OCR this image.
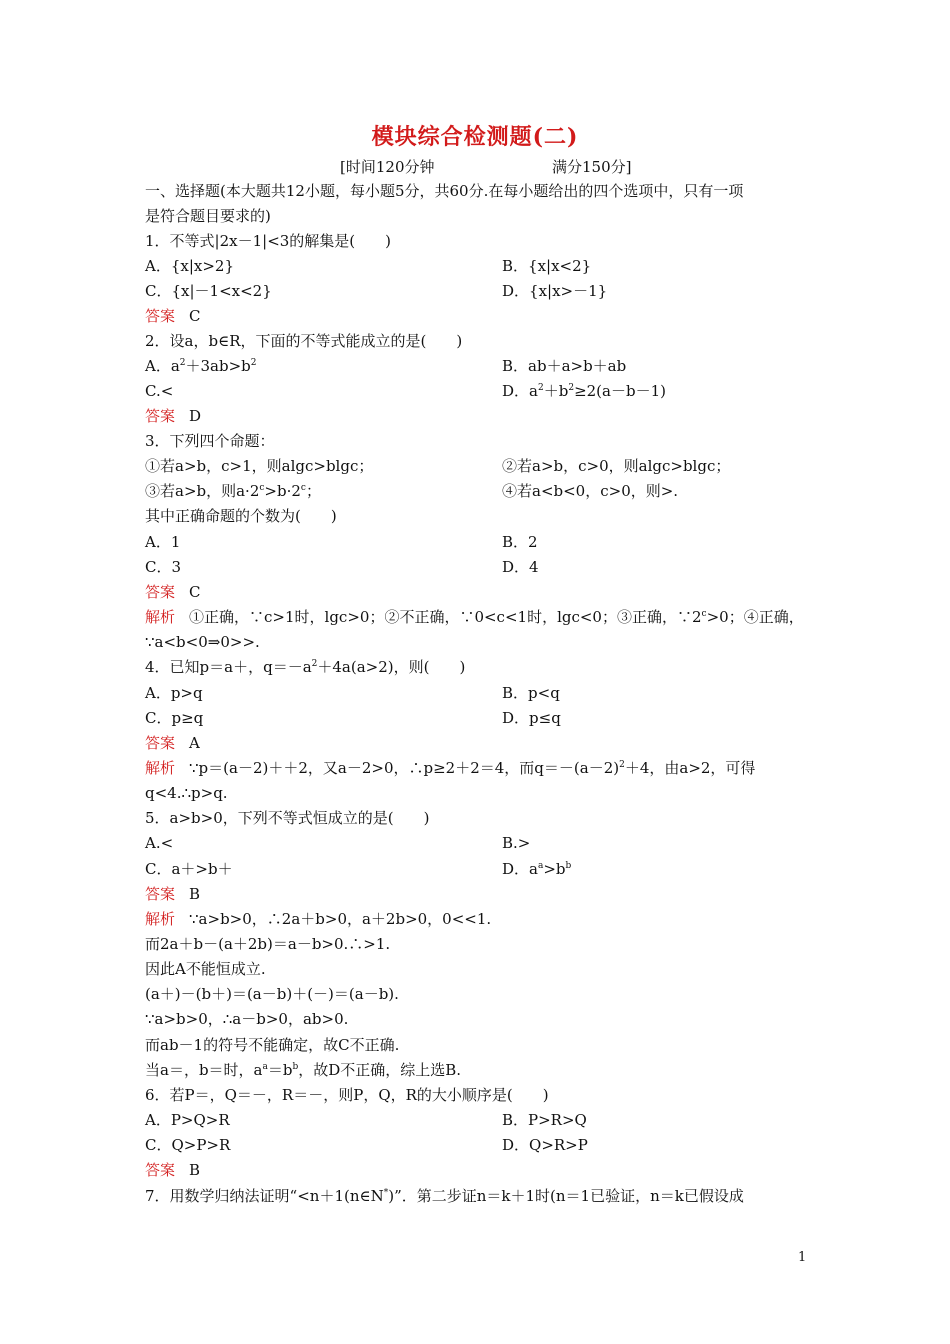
模块综合检测题(二)
[时间120分钟	满分150分]
一、选择题(本大题共12小题，每小题5分，共60分.在每小题给出的四个选项中，只有一项
是符合题目要求的)
1．不等式|2x－1|<3的解集是(　　)
A．{x|x>2}	B．{x|x<2}
C．{x|－1<x<2}	D．{x|x>－1}
答案 C
2．设a，b∈R，下面的不等式能成立的是(　　)
A．$a^2+3ab>b^2$	B．ab＋a>b＋ab
C.<	D．$a^2+b^2\ge 2(a-b-1)$
答案 D
3．下列四个命题：
①若a>b，c>1，则algc>blgc；	②若a>b，c>0，则algc>blgc；
③若a>b，则$a\cdot 2^c>b\cdot 2^c$；	④若a<b<0，c>0，则>.
其中正确命题的个数为(　　)
A．1	B．2
C．3	D．4
答案 C
解析 ①正确，∵c>1时，lgc>0；②不正确，∵0<c<1时，lgc<0；③正确，$\because 2^c>0$；④正确，
∵a<b<0⇒0>>.
4．已知p＝a＋，$q=-a^2+4a(a>2)$，则(　　)
A．p>q	B．p<q
C．p≥q	D．p≤q
答案 A
解析 ∵p＝(a－2)＋＋2，又a－2>0，∴p≥2＋2＝4，而$q=-(a-2)^2+4$，由a>2，可得
q<4.∴p>q.
5．a>b>0，下列不等式恒成立的是(　　)
A.<	B.>
C．a＋>b＋	D．$a^a>b^b$
答案 B
解析 ∵a>b>0，∴2a＋b>0，a＋2b>0，0<<1.
而2a＋b－(a＋2b)＝a－b>0.∴>1.
因此A不能恒成立.
(a＋)－(b＋)＝(a－b)＋(－)＝(a－b).
∵a>b>0，∴a－b>0，ab>0.
而ab－1的符号不能确定，故C不正确.
当a＝，b＝时，$a^a=b^b$，故D不正确，综上选B.
6．若P＝，Q＝－，R＝－，则P，Q，R的大小顺序是(　　)
A．P>Q>R	B．P>R>Q
C．Q>P>R	D．Q>R>P
答案 B
7．用数学归纳法证明“<n＋1(n∈N*)”．第二步证n＝k＋1时(n＝1已验证，n＝k已假设成
1
